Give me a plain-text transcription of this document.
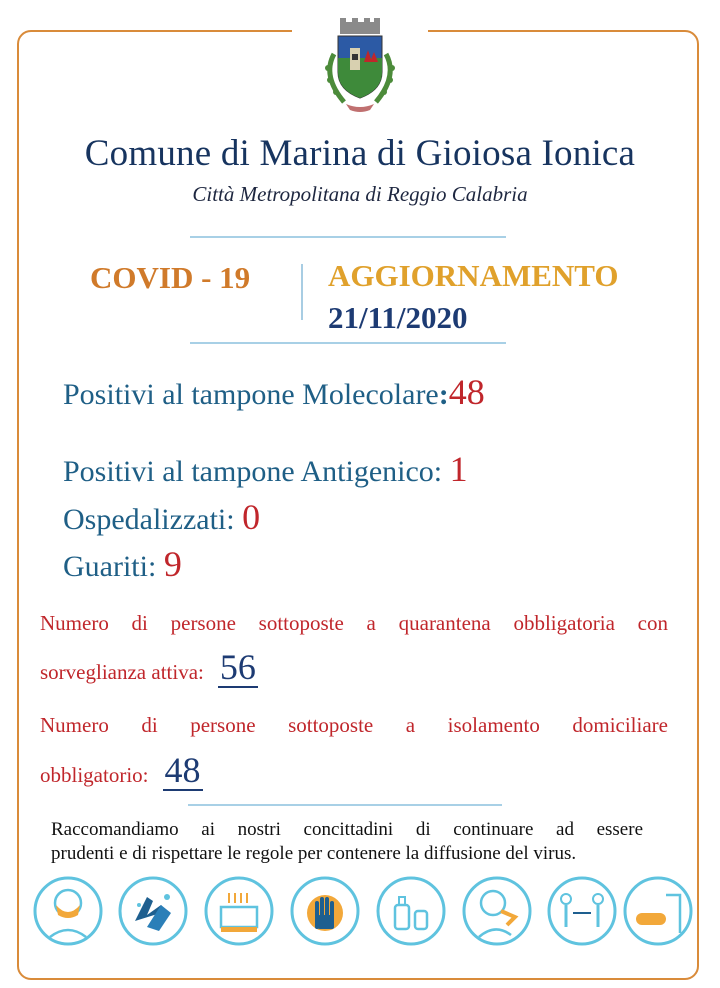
Comune di Marina di Gioiosa Ionica
Città Metropolitana di Reggio Calabria
COVID - 19	AGGIORNAMENTO
21/11/2020
Positivi al tampone Molecolare:48
Positivi al tampone Antigenico: 1
Ospedalizzati: 0
Guariti: 9
Numero di persone sottoposte a quarantena obbligatoria con
sorveglianza attiva: 56
Numero di persone sottoposte a isolamento domiciliare
obbligatorio: 48
Raccomandiamo ai nostri concittadini di continuare ad essere
prudenti e di rispettare le regole per contenere la diffusione del virus.
